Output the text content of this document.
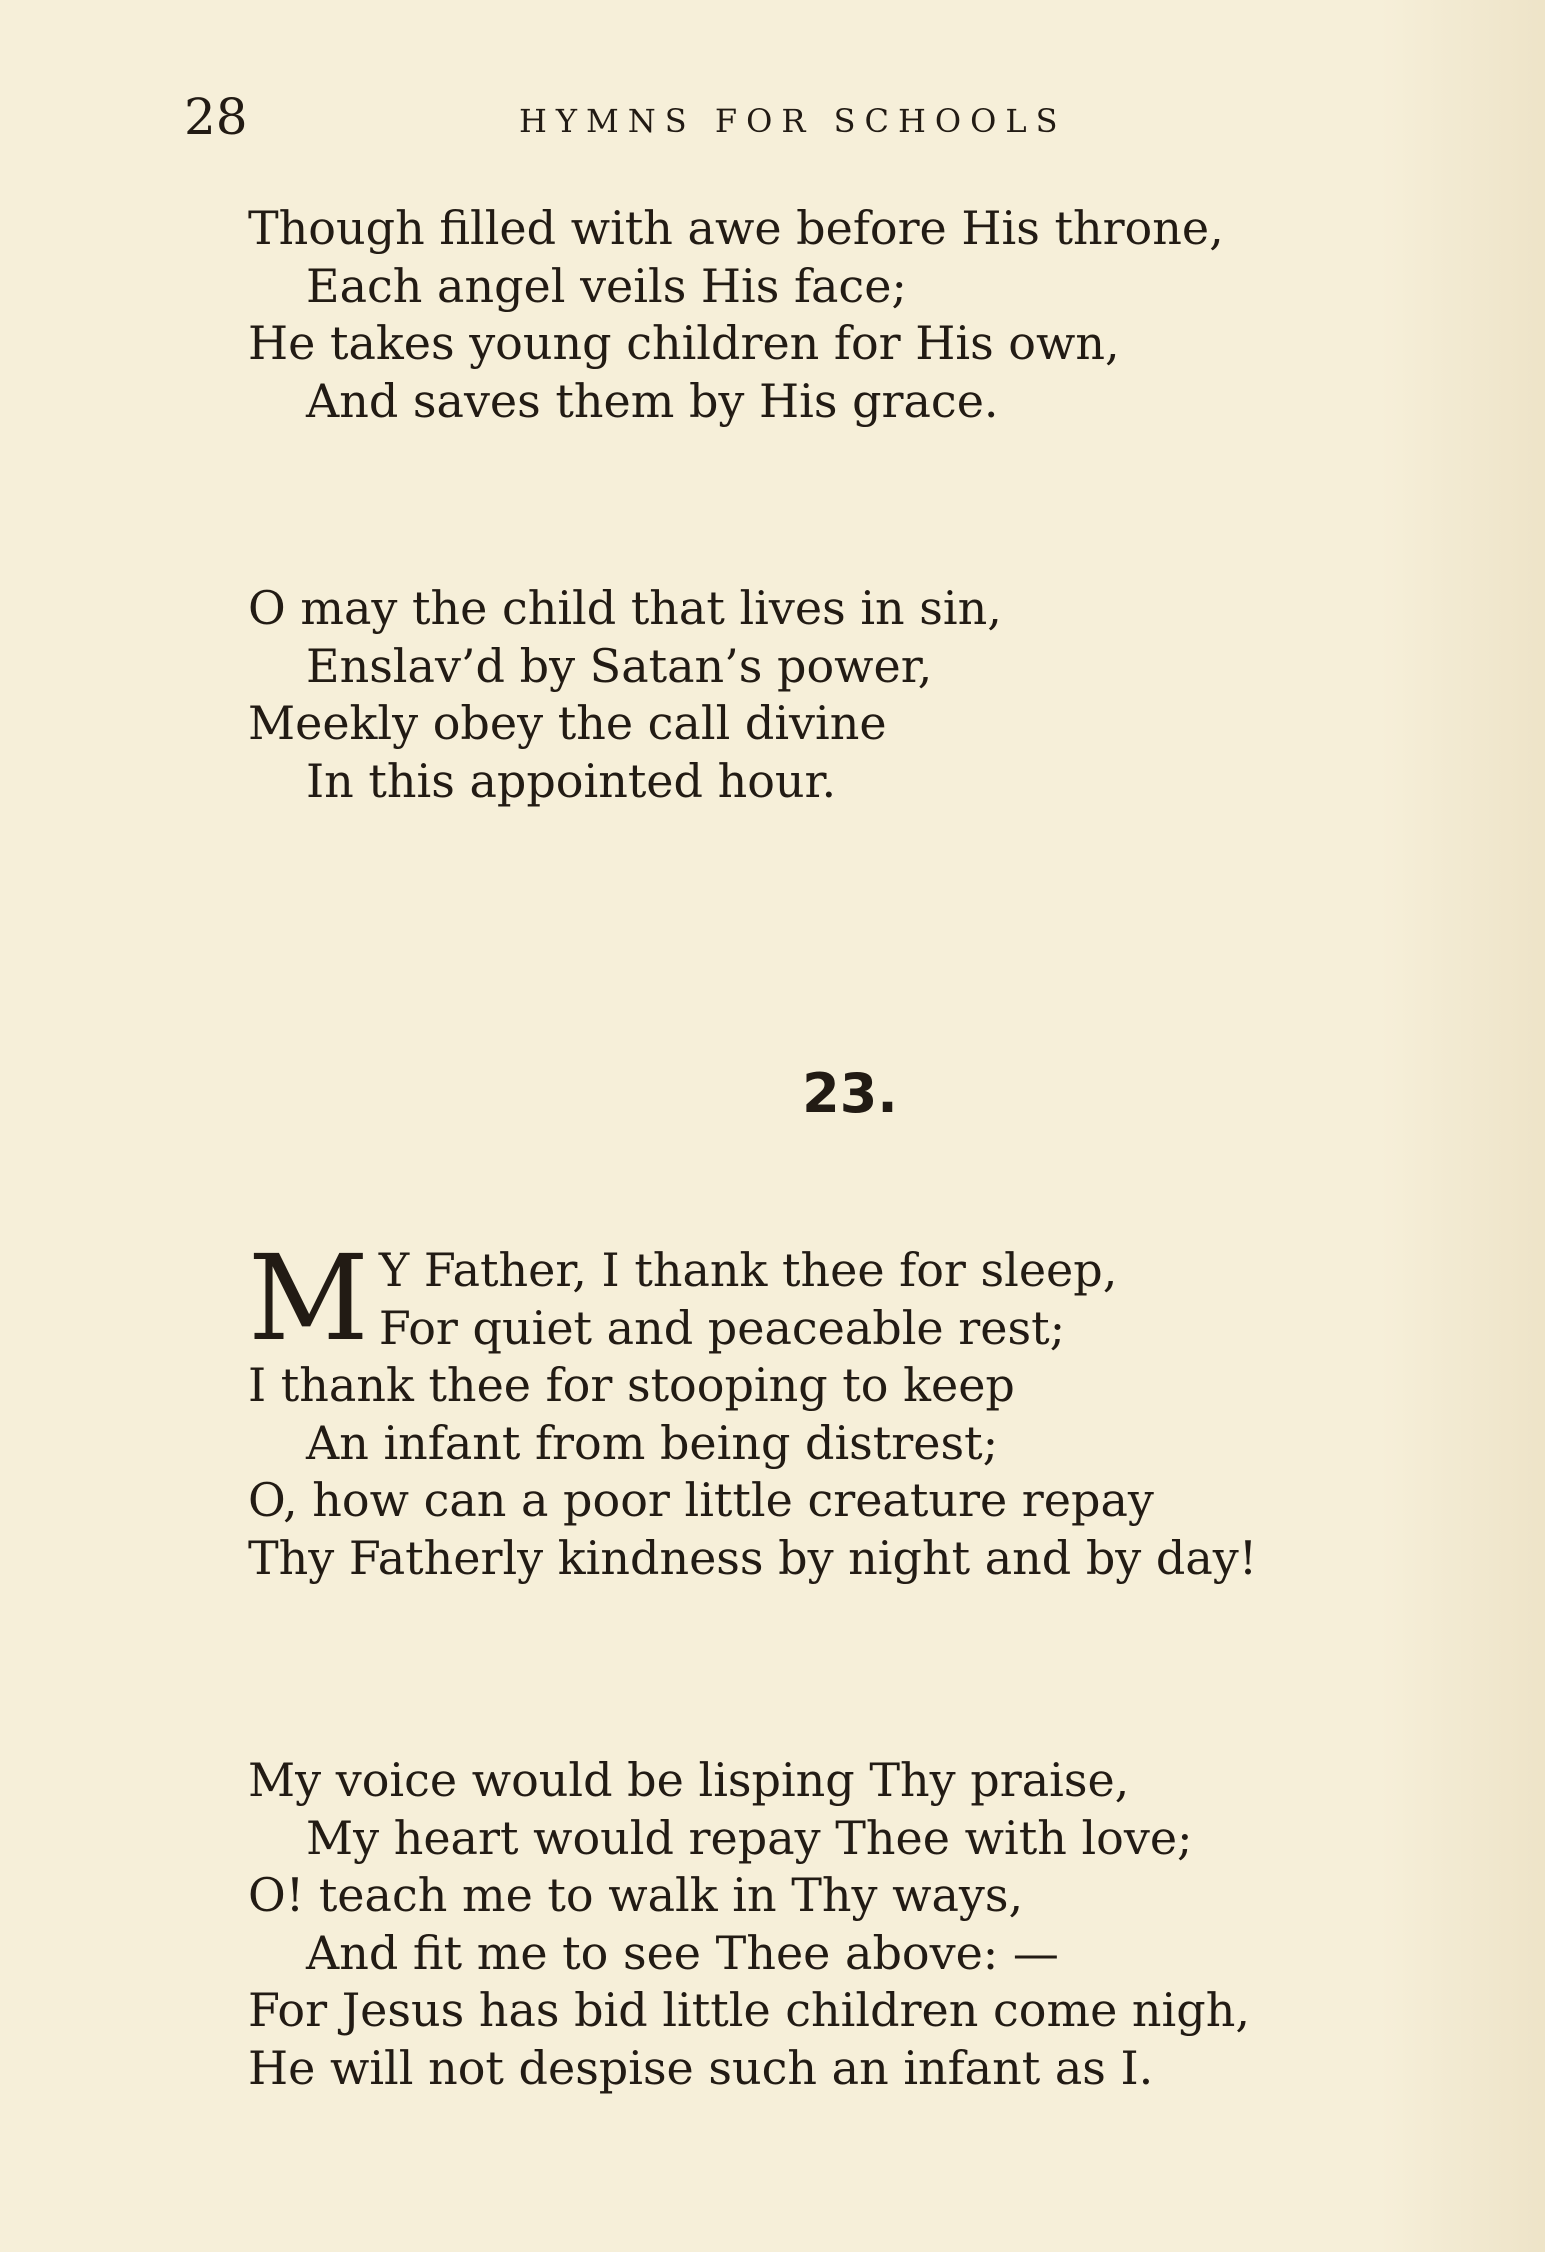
28	HYMNS FOR SCHOOLS
Though filled with awe before His throne,
Each angel veils His face;
He takes young children for His own,
And saves them by His grace.
O may the child that lives in sin,
Enslav’d by Satan’s power,
Meekly obey the call divine
In this appointed hour.
23.
M Y Father, I thank thee for sleep,
For quiet and peaceable rest;
I thank thee for stooping to keep
An infant from being distrest;
O, how can a poor little creature repay
Thy Fatherly kindness by night and by day!
My voice would be lisping Thy praise,
My heart would repay Thee with love;
O! teach me to walk in Thy ways,
And fit me to see Thee above: —
For Jesus has bid little children come nigh,
He will not despise such an infant as I.
